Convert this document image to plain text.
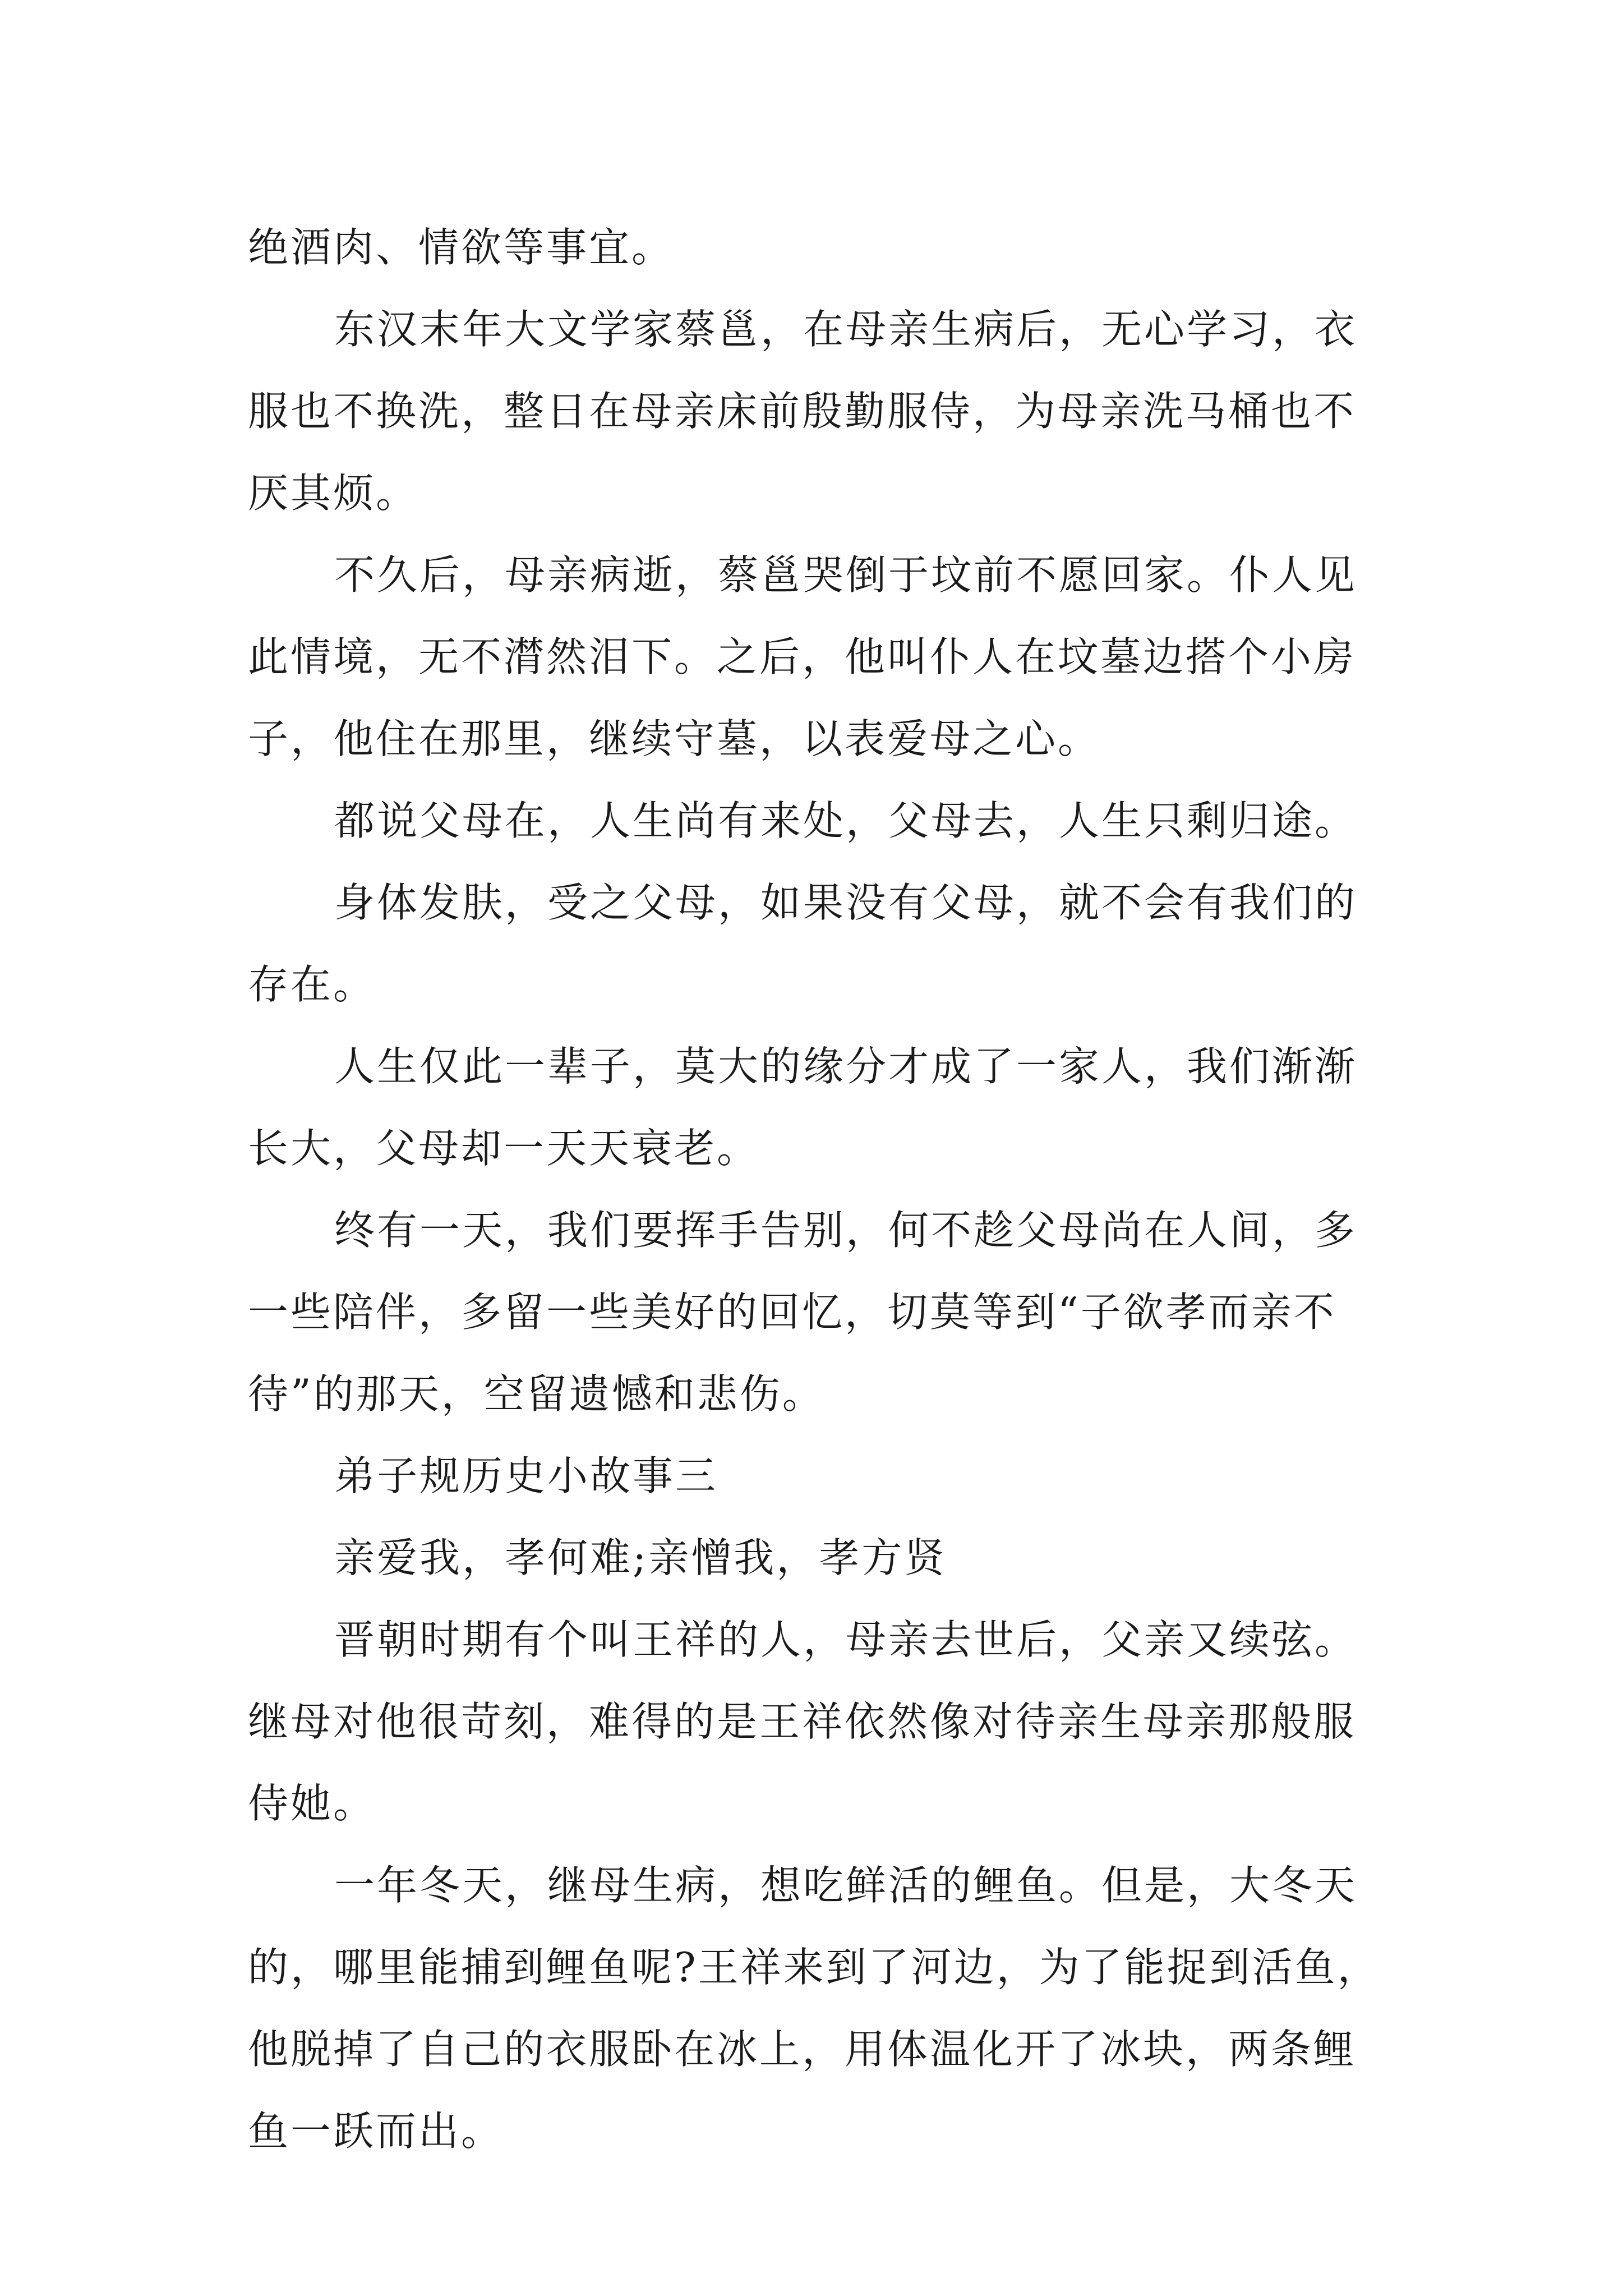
绝酒肉、情欲等事宜。

东汉末年大文学家蔡邕，在母亲生病后，无心学习，衣服也不换洗，整日在母亲床前殷勤服侍，为母亲洗马桶也不厌其烦。

不久后，母亲病逝，蔡邕哭倒于坟前不愿回家。仆人见此情境，无不潸然泪下。之后，他叫仆人在坟墓边搭个小房子，他住在那里，继续守墓，以表爱母之心。

都说父母在，人生尚有来处，父母去，人生只剩归途。

身体发肤，受之父母，如果没有父母，就不会有我们的存在。

人生仅此一辈子，莫大的缘分才成了一家人，我们渐渐长大，父母却一天天衰老。

终有一天，我们要挥手告别，何不趁父母尚在人间，多一些陪伴，多留一些美好的回忆，切莫等到“子欲孝而亲不待”的那天，空留遗憾和悲伤。

弟子规历史小故事三

亲爱我，孝何难;亲憎我，孝方贤

晋朝时期有个叫王祥的人，母亲去世后，父亲又续弦。继母对他很苛刻，难得的是王祥依然像对待亲生母亲那般服侍她。

一年冬天，继母生病，想吃鲜活的鲤鱼。但是，大冬天的，哪里能捕到鲤鱼呢?王祥来到了河边，为了能捉到活鱼，他脱掉了自己的衣服卧在冰上，用体温化开了冰块，两条鲤鱼一跃而出。
